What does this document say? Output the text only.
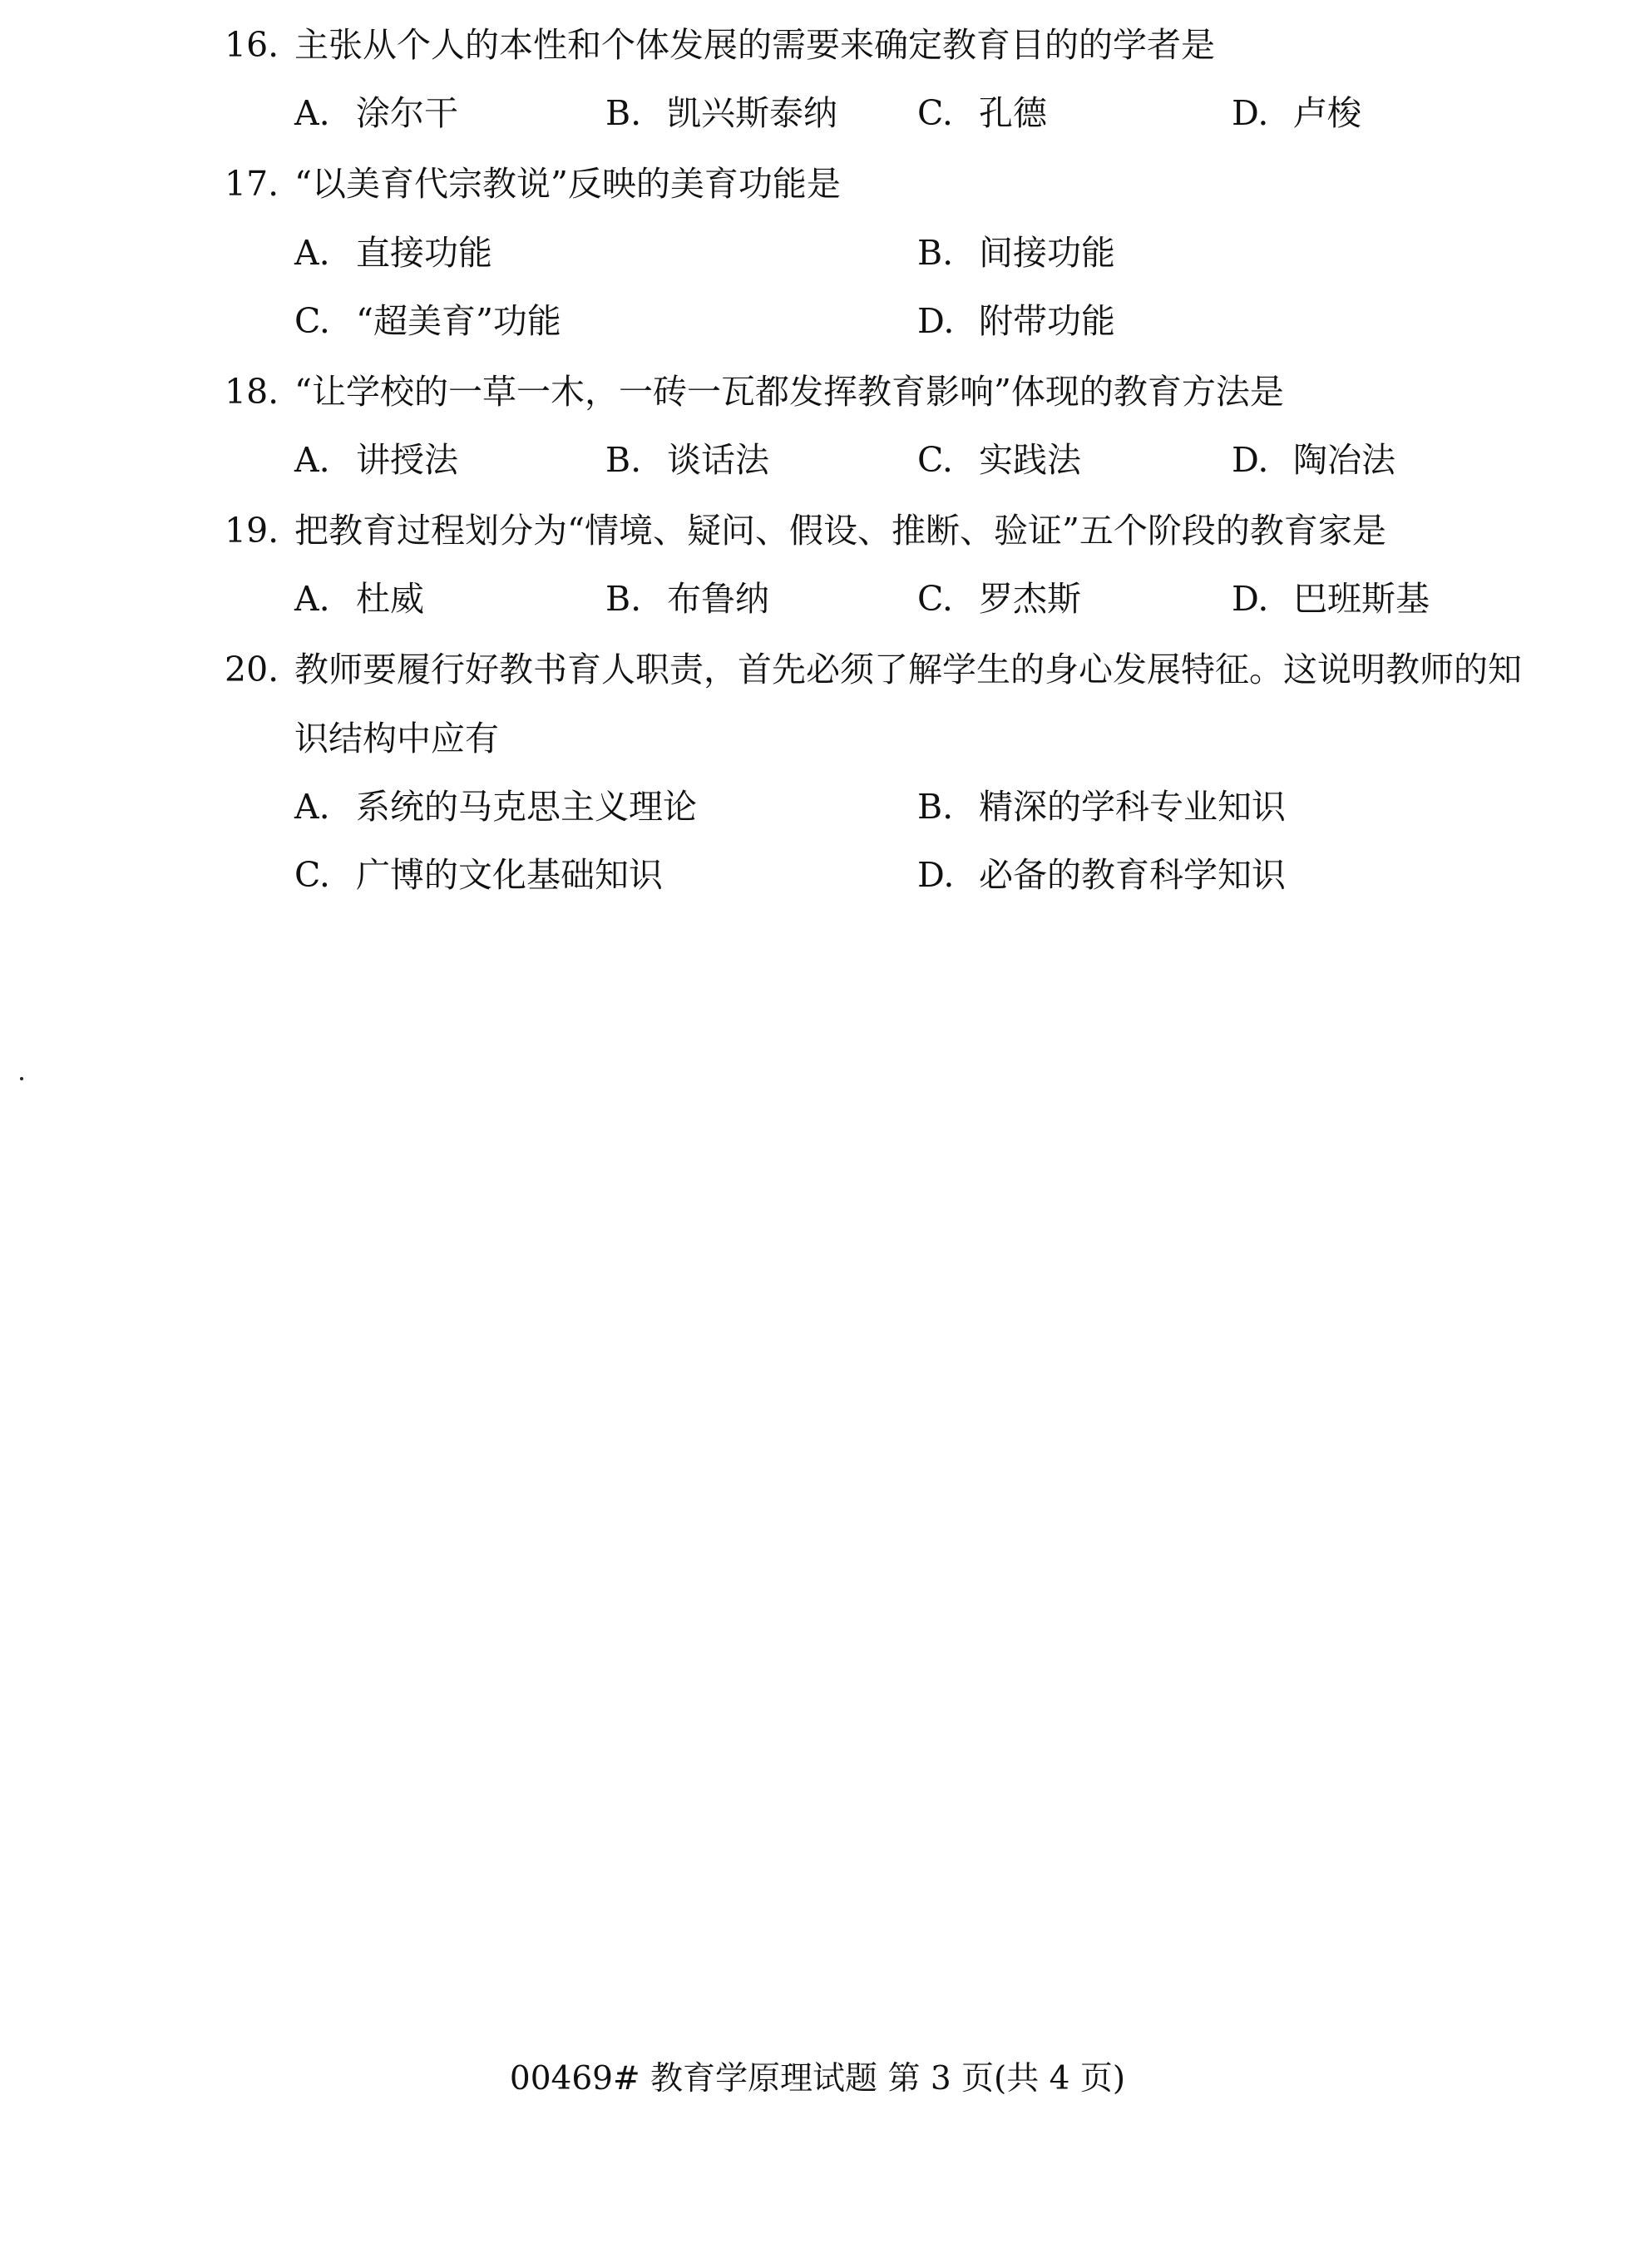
16. 主张从个人的本性和个体发展的需要来确定教育目的的学者是
A. 涂尔干	B. 凯兴斯泰纳 C. 孔德	D. 卢梭
17. “以美育代宗教说”反映的美育功能是
A. 直接功能	B. 间接功能
C. “超美育”功能	D. 附带功能
18. “让学校的一草一木，一砖一瓦都发挥教育影响”体现的教育方法是
A. 讲授法	B. 谈话法	C. 实践法	D. 陶冶法
19. 把教育过程划分为“情境、疑问、假设、推断、验证”五个阶段的教育家是
A. 杜威	B. 布鲁纳	C. 罗杰斯	D. 巴班斯基
20. 教师要履行好教书育人职责，首先必须了解学生的身心发展特征。这说明教师的知
识结构中应有
A. 系统的马克思主义理论	B. 精深的学科专业知识
C. 广博的文化基础知识	D. 必备的教育科学知识
00469# 教育学原理试题 第 3 页(共 4 页)
